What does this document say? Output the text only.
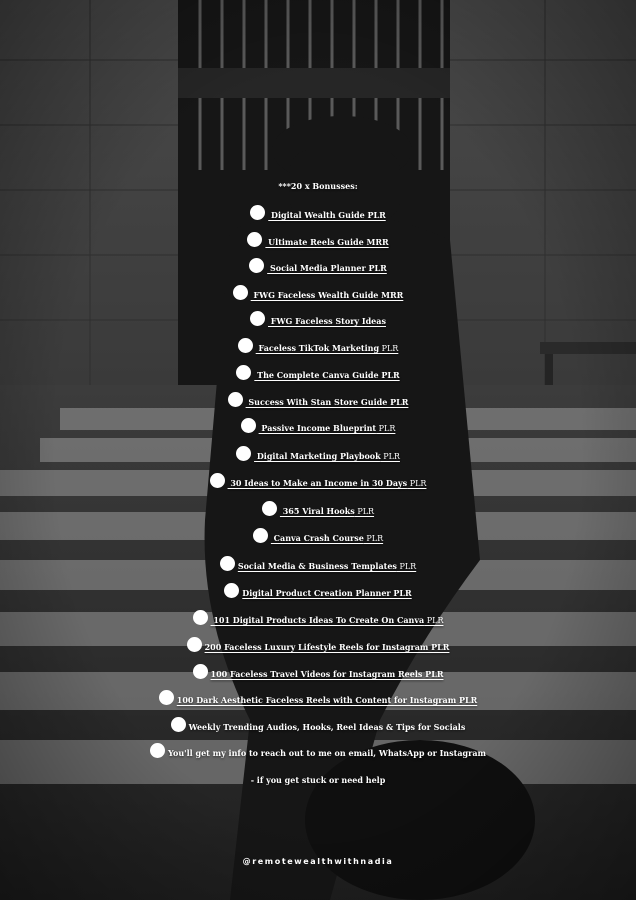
***20 x Bonusses:
Digital Wealth Guide PLR
Ultimate Reels Guide MRR
Social Media Planner PLR
FWG Faceless Wealth Guide MRR
FWG Faceless Story Ideas
Faceless TikTok Marketing PLR
The Complete Canva Guide PLR
Success With Stan Store Guide PLR
Passive Income Blueprint PLR
Digital Marketing Playbook PLR
30 Ideas to Make an Income in 30 Days PLR
365 Viral Hooks PLR
Canva Crash Course PLR
Social Media & Business Templates PLR
Digital Product Creation Planner PLR
101 Digital Products Ideas To Create On Canva PLR
200 Faceless Luxury Lifestyle Reels for Instagram PLR
100 Faceless Travel Videos for Instagram Reels PLR
100 Dark Aesthetic Faceless Reels with Content for Instagram PLR
Weekly Trending Audios, Hooks, Reel Ideas & Tips for Socials
You'll get my info to reach out to me on email, WhatsApp or Instagram
- if you get stuck or need help
@remotewealthwithnadia
